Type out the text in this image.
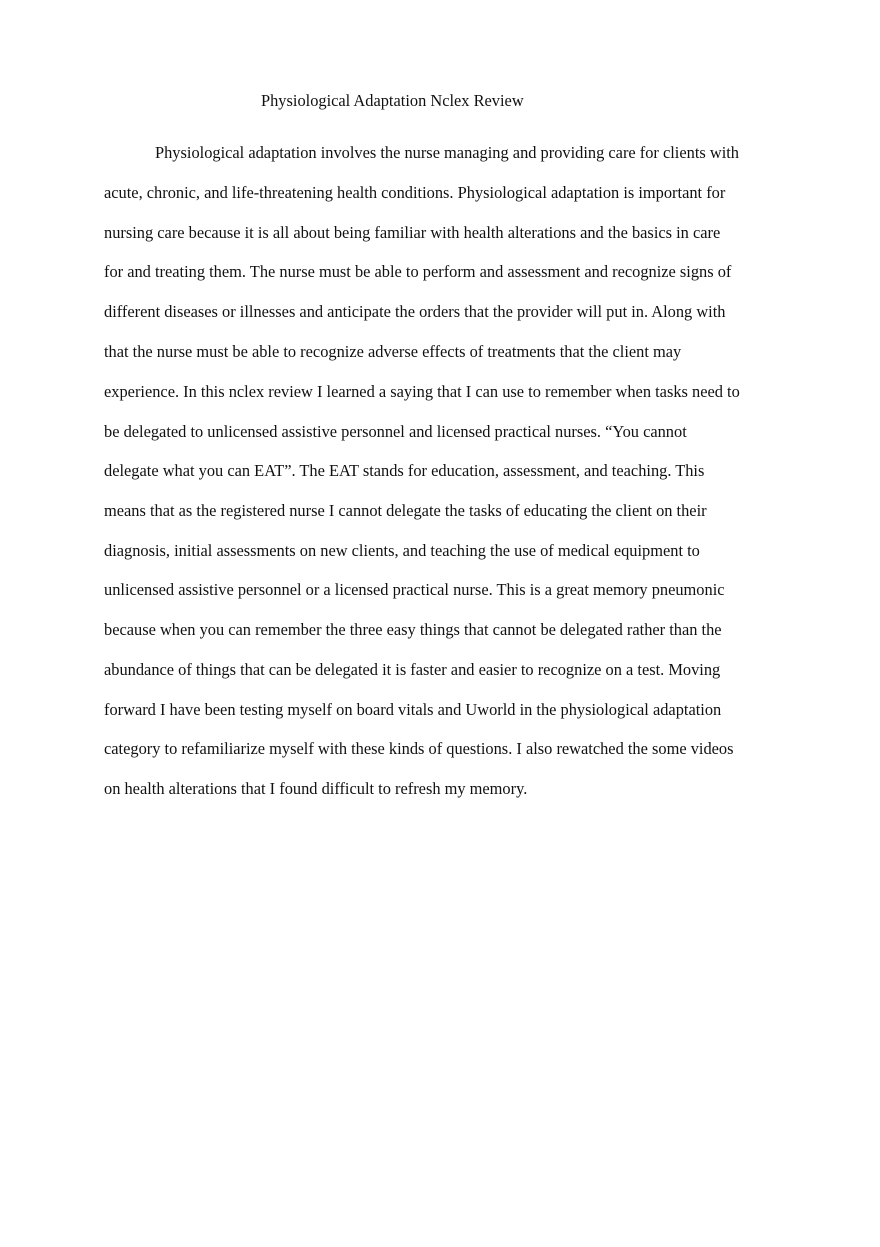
Physiological Adaptation Nclex Review
Physiological adaptation involves the nurse managing and providing care for clients with
acute, chronic, and life-threatening health conditions. Physiological adaptation is important for
nursing care because it is all about being familiar with health alterations and the basics in care
for and treating them. The nurse must be able to perform and assessment and recognize signs of
different diseases or illnesses and anticipate the orders that the provider will put in. Along with
that the nurse must be able to recognize adverse effects of treatments that the client may
experience. In this nclex review I learned a saying that I can use to remember when tasks need to
be delegated to unlicensed assistive personnel and licensed practical nurses. “You cannot
delegate what you can EAT”. The EAT stands for education, assessment, and teaching. This
means that as the registered nurse I cannot delegate the tasks of educating the client on their
diagnosis, initial assessments on new clients, and teaching the use of medical equipment to
unlicensed assistive personnel or a licensed practical nurse. This is a great memory pneumonic
because when you can remember the three easy things that cannot be delegated rather than the
abundance of things that can be delegated it is faster and easier to recognize on a test. Moving
forward I have been testing myself on board vitals and Uworld in the physiological adaptation
category to refamiliarize myself with these kinds of questions. I also rewatched the some videos
on health alterations that I found difficult to refresh my memory.
